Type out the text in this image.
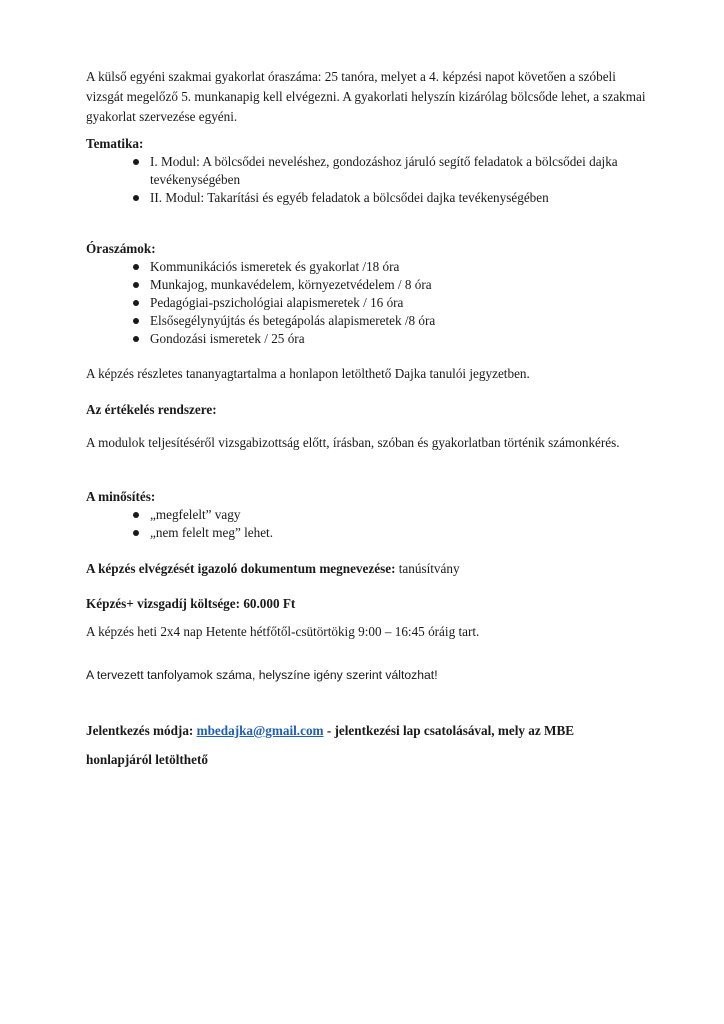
A külső egyéni szakmai gyakorlat óraszáma: 25 tanóra, melyet a 4. képzési napot követően a szóbeli vizsgát megelőző 5. munkanapig kell elvégezni. A gyakorlati helyszín kizárólag bölcsőde lehet, a szakmai gyakorlat szervezése egyéni.

Tematika:
I. Modul: A bölcsődei neveléshez, gondozáshoz járuló segítő feladatok a bölcsődei dajka tevékenységében
II. Modul: Takarítási és egyéb feladatok a bölcsődei dajka tevékenységében
Óraszámok:
Kommunikációs ismeretek és gyakorlat /18 óra
Munkajog, munkavédelem, környezetvédelem / 8 óra
Pedagógiai-pszichológiai alapismeretek / 16 óra
Elsősegélynyújtás és betegápolás alapismeretek /8 óra
Gondozási ismeretek / 25 óra

A képzés részletes tananyagtartalma a honlapon letölthető Dajka tanulói jegyzetben.

Az értékelés rendszere:

A modulok teljesítéséről vizsgabizottság előtt, írásban, szóban és gyakorlatban történik számonkérés.

A minősítés:
„megfelelt” vagy
„nem felelt meg” lehet.

A képzés elvégzését igazoló dokumentum megnevezése: tanúsítvány

Képzés+ vizsgadíj költsége: 60.000 Ft

A képzés heti 2x4 nap Hetente hétfőtől-csütörtökig 9:00 – 16:45 óráig tart.

A tervezett tanfolyamok száma, helyszíne igény szerint változhat!

Jelentkezés módja: mbedajka@gmail.com - jelentkezési lap csatolásával, mely az MBE

honlapjáról letölthető
